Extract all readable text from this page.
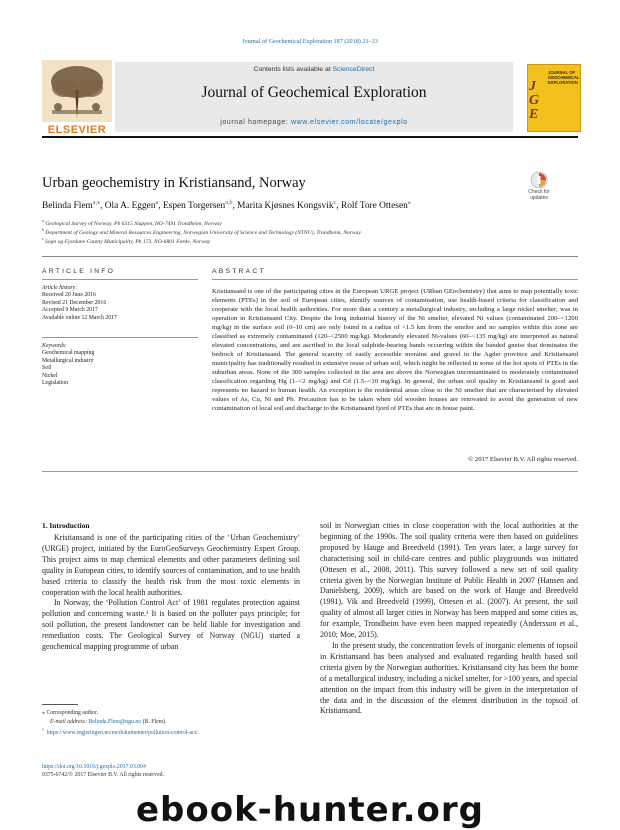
Journal of Geochemical Exploration 187 (2018) 21–33
Contents lists available at ScienceDirect
Journal of Geochemical Exploration
journal homepage: www.elsevier.com/locate/gexplo
ELSEVIER
J
G
E
JOURNAL OF GEOCHEMICAL EXPLORATION
Urban geochemistry in Kristiansand, Norway
Check for updates
Belinda Flem$^{a,⁎}$, Ola A. Eggen$^a$, Espen Torgersen$^{a,b}$, Marita Kjøsnes Kongsvik$^c$, Rolf Tore Ottesen$^a$
$^a$ Geological Survey of Norway, Pb 6315 Sluppen, NO-7491 Trondheim, Norway
$^b$ Department of Geology and Mineral Resources Engineering, Norwegian University of Science and Technology (NTNU), Trondheim, Norway
$^c$ Sogn og Fjordane County Municipality, Pb 173, NO-6801 Førde, Norway
ARTICLE INFO
Article history:
Received 20 June 2016
Revised 21 December 2016
Accepted 9 March 2017
Available online 12 March 2017
Keywords:
Geochemical mapping
Metallurgical industry
Soil
Nickel
Legislation
ABSTRACT
Kristiansand is one of the participating cities in the European URGE project (URban GEochemistry) that aims to map potentially toxic elements (PTEs) in the soil of European cities, identify sources of contamination, use health-based criteria for classification and cooperate with the local health authorities. For more than a century a metallurgical industry, including a large nickel smelter, was in operation in Kristiansand City. Despite the long industrial history of the Ni smelter, elevated Ni values (contaminated 200–<1200 mg/kg) in the surface soil (0–10 cm) are only found in a radius of <1.5 km from the smelter and no samples within this zone are classified as extremely contaminated (120–<2500 mg/kg). Moderately elevated Ni-values (60–<135 mg/kg) are interpreted as natural elevated concentrations, and are ascribed to the local sulphide-bearing bands occurring within the banded gneiss that dominates the bedrock of Kristiansand. The general scarcity of easily accessible moraine and gravel in the Agder province and Kristiansand municipality has traditionally resulted in extensive reuse of urban soil, which might be reflected in some of the hot spots of PTEs in the suburban areas. None of the 300 samples collected in the area are above the Norwegian uncontaminated to moderately contaminated classification regarding Hg (1–<2 mg/kg) and Cd (1.5–<10 mg/kg). In general, the urban soil quality in Kristiansand is good and represents no hazard to human health. An exception is the residential areas close to the Ni smelter that are characterised by elevated values of As, Cu, Ni and Pb. Precaution has to be taken when old wooden houses are renovated to avoid the generation of new contamination of local soil and discharge to the Kristiansand fjord of PTEs that are in house paint.
© 2017 Elsevier B.V. All rights reserved.
1. Introduction

Kristiansand is one of the participating cities of the ‘Urban Geochemistry’ (URGE) project, initiated by the EuroGeoSurveys Geochemistry Expert Group. This project aims to map chemical elements and other parameters defining soil quality in European cities, to identify sources of contamination, and to use health based criteria to classify the health risk from the most toxic elements in cooperation with the local health authorities.

In Norway, the ‘Pollution Control Act’ of 1981 regulates protection against pollution and concerning waste.¹ It is based on the polluter pays principle; for soil pollution, the present landowner can be held liable for investigation and remediation costs. The Geological Survey of Norway (NGU) started a geochemical mapping programme of urban

soil in Norwegian cities in close cooperation with the local authorities at the beginning of the 1990s. The soil quality criteria were then based on guidelines proposed by Hauge and Breedveld (1991). Ten years later, a large survey for characterising soil in child-care centres and public playgrounds was initiated (Ottesen et al., 2008, 2011). This survey followed a new set of soil quality criteria given by the Norwegian Institute of Public Health in 2007 (Hansen and Danielsberg, 2009), which are based on the work of Hauge and Breedveld (1991), Vik and Breedveld (1999), Ottesen et al. (2007). At present, the soil quality of almost all larger cities in Norway has been mapped and some cities as, for example, Trondheim have even been mapped repeatedly (Andersson et al., 2010; Moe, 2015).

In the present study, the concentration levels of inorganic elements of topsoil in Kristiansand has been analysed and evaluated regarding health based soil criteria given by the Norwegian authorities. Kristiansand city has been the home of a metallurgical industry, including a nickel smelter, for >100 years, and special attention on the impact from this industry will be given in the interpretation of the data and in the discussion of the element distribution in the topsoil of Kristiansand.

⁎ Corresponding author.
E-mail address: Belinda.Flem@ngu.no (B. Flem).
$^1$ https://www.regjeringen.no/en/dokumenter/pollution-control-act/.
https://doi.org/10.1016/j.gexplo.2017.03.004
0375-6742/© 2017 Elsevier B.V. All rights reserved.
ebook-hunter.org
